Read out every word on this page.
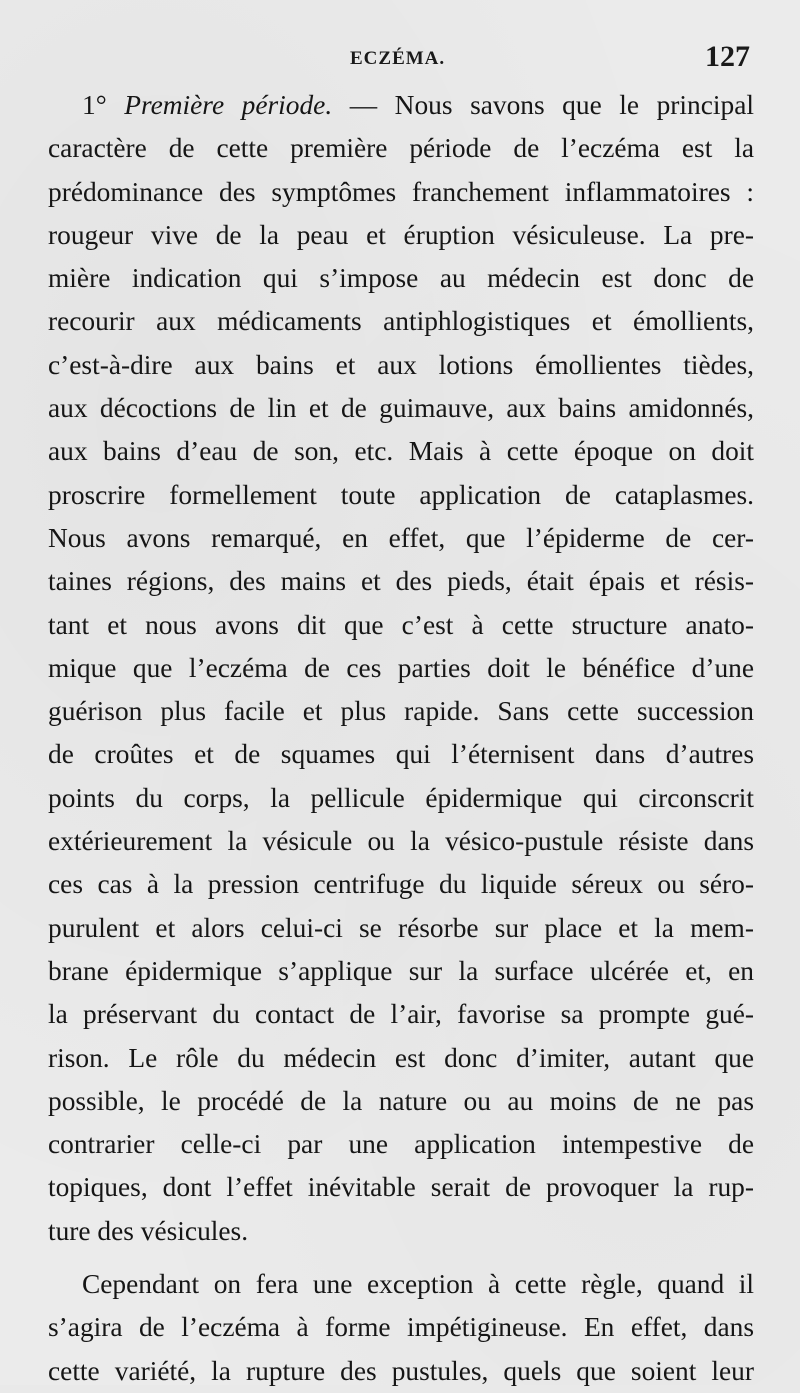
ECZÉMA.	127
1° Première période. — Nous savons que le principal
caractère de cette première période de l’eczéma est la
prédominance des symptômes franchement inflammatoires :
rougeur vive de la peau et éruption vésiculeuse. La pre-
mière indication qui s’impose au médecin est donc de
recourir aux médicaments antiphlogistiques et émollients,
c’est-à-dire aux bains et aux lotions émollientes tièdes,
aux décoctions de lin et de guimauve, aux bains amidonnés,
aux bains d’eau de son, etc. Mais à cette époque on doit
proscrire formellement toute application de cataplasmes.
Nous avons remarqué, en effet, que l’épiderme de cer-
taines régions, des mains et des pieds, était épais et résis-
tant et nous avons dit que c’est à cette structure anato-
mique que l’eczéma de ces parties doit le bénéfice d’une
guérison plus facile et plus rapide. Sans cette succession
de croûtes et de squames qui l’éternisent dans d’autres
points du corps, la pellicule épidermique qui circonscrit
extérieurement la vésicule ou la vésico-pustule résiste dans
ces cas à la pression centrifuge du liquide séreux ou séro-
purulent et alors celui-ci se résorbe sur place et la mem-
brane épidermique s’applique sur la surface ulcérée et, en
la préservant du contact de l’air, favorise sa prompte gué-
rison. Le rôle du médecin est donc d’imiter, autant que
possible, le procédé de la nature ou au moins de ne pas
contrarier celle-ci par une application intempestive de
topiques, dont l’effet inévitable serait de provoquer la rup-
ture des vésicules.
Cependant on fera une exception à cette règle, quand il
s’agira de l’eczéma à forme impétigineuse. En effet, dans
cette variété, la rupture des pustules, quels que soient leur
